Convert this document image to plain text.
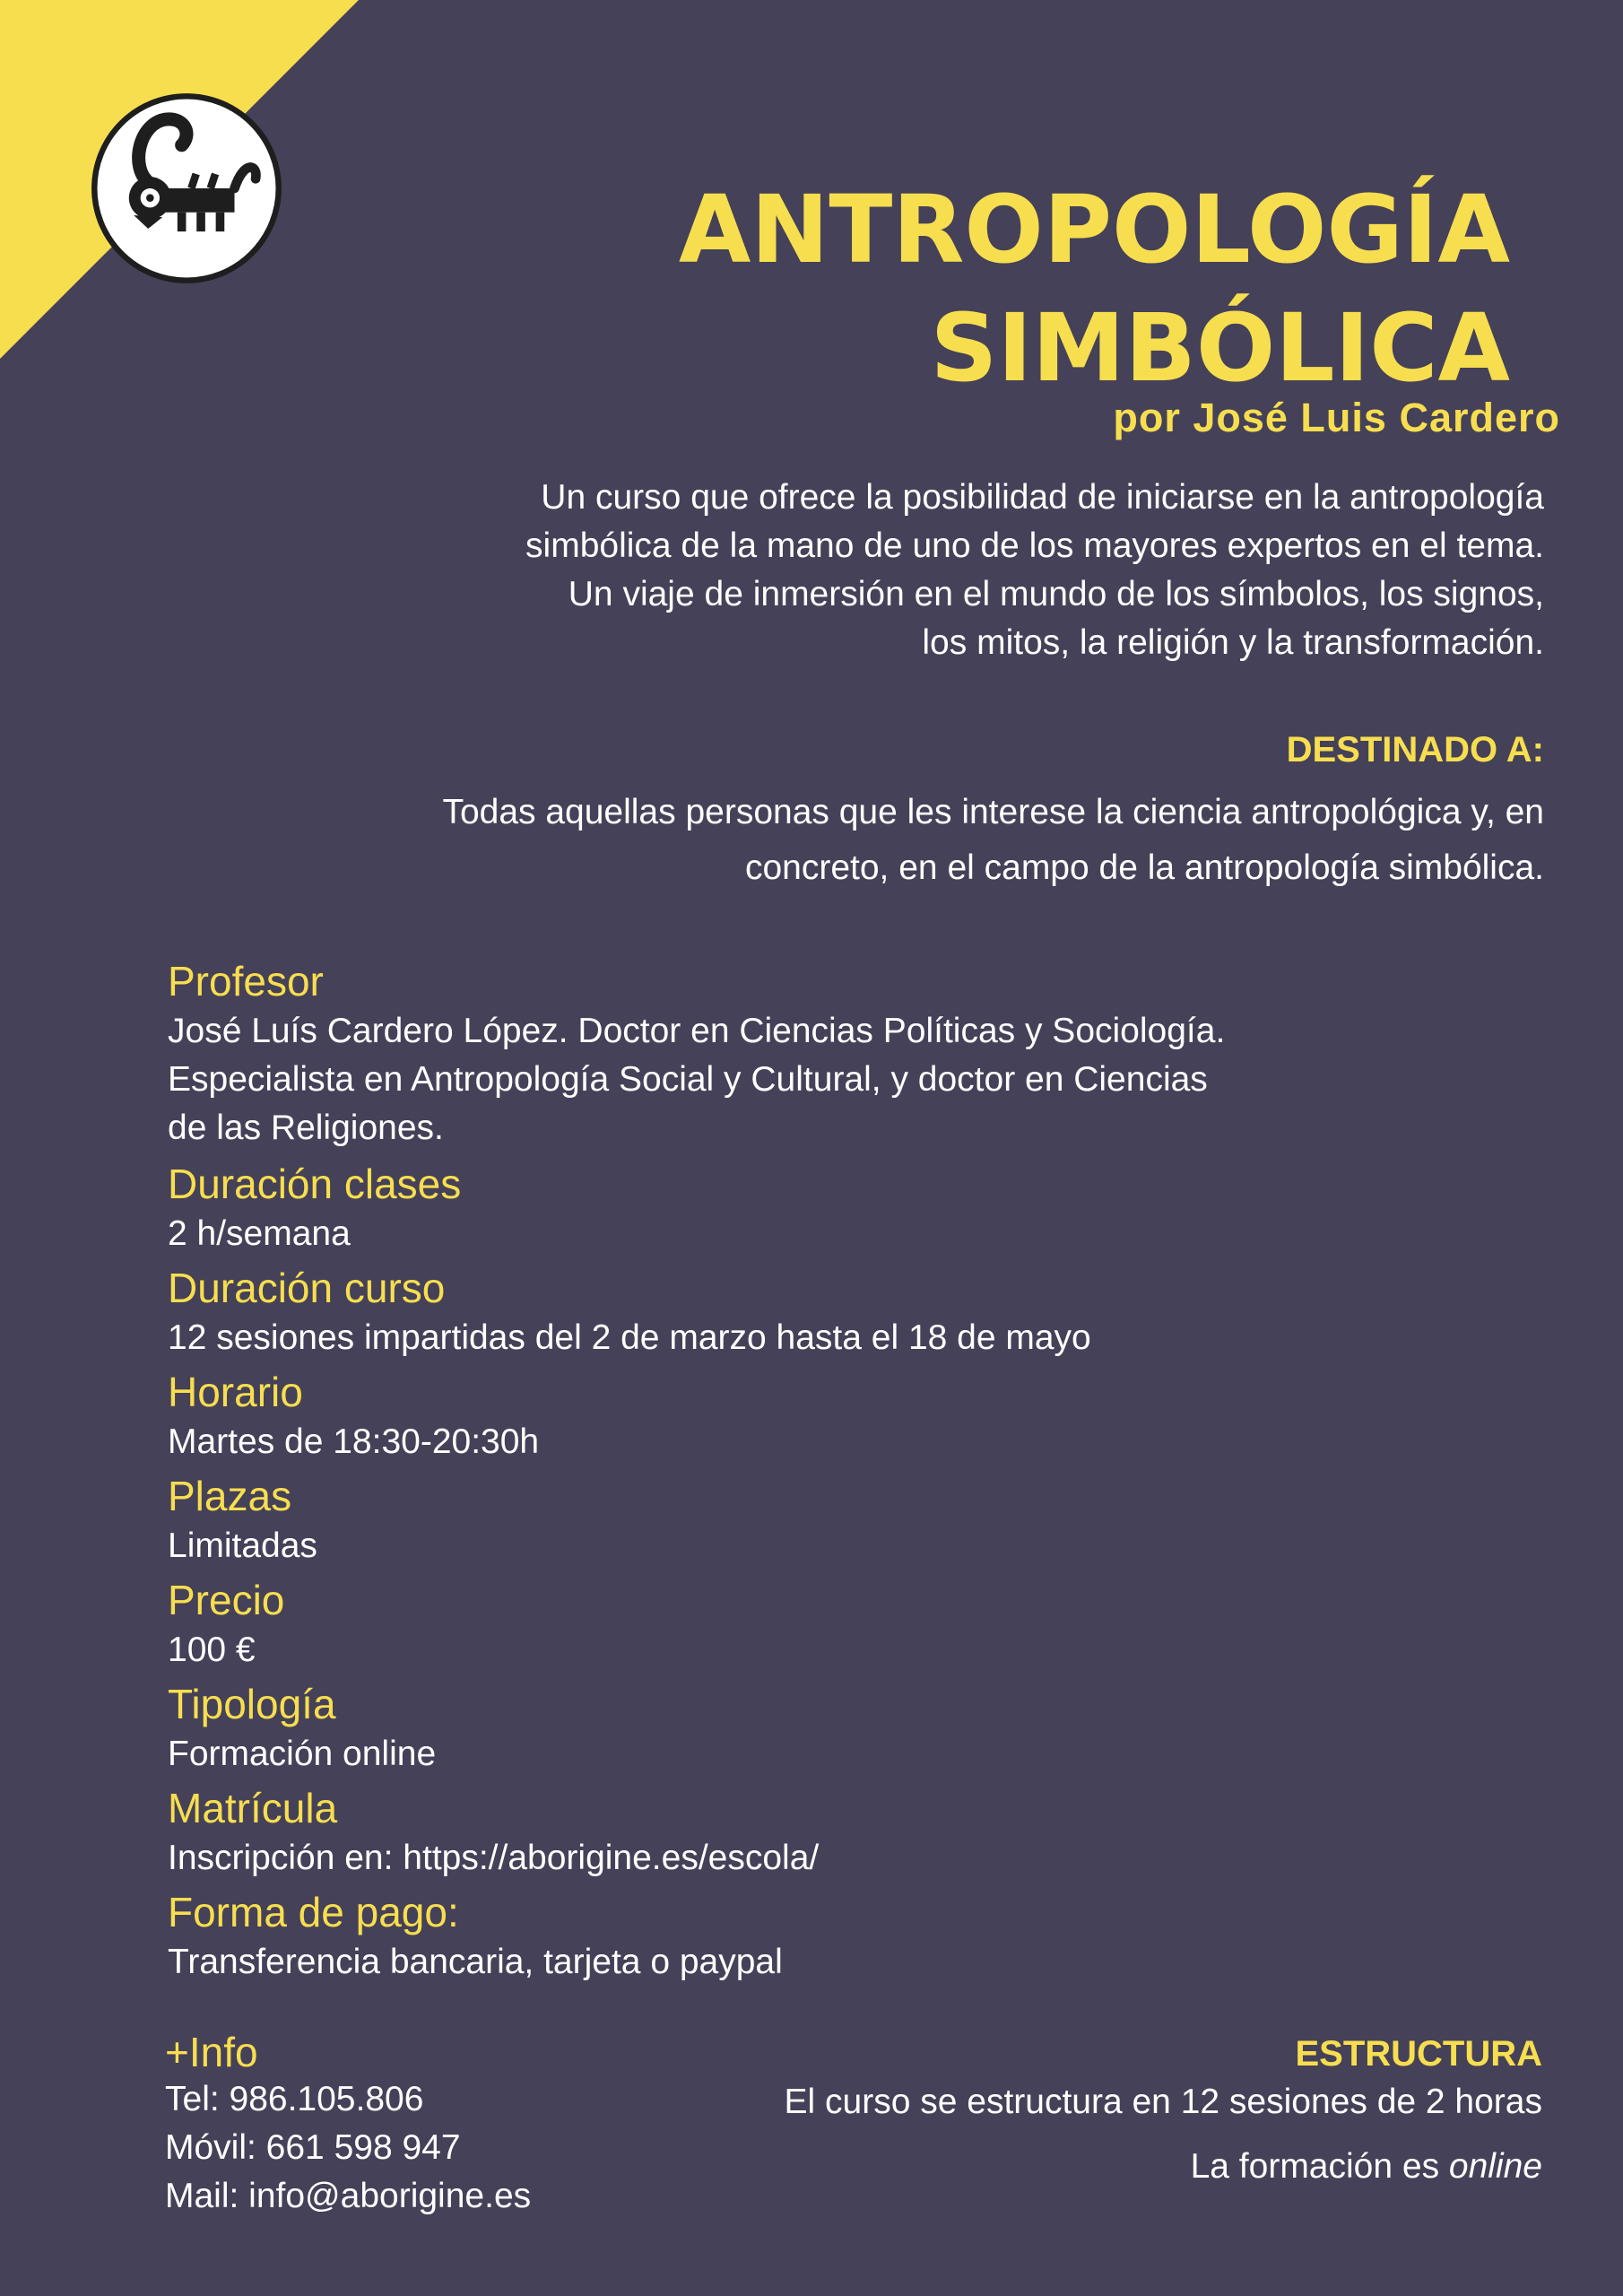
ANTROPOLOGÍA
SIMBÓLICA
por José Luis Cardero

Un curso que ofrece la posibilidad de iniciarse en la antropología
simbólica de la mano de uno de los mayores expertos en el tema.
Un viaje de inmersión en el mundo de los símbolos, los signos,
los mitos, la religión y la transformación.

DESTINADO A:

Todas aquellas personas que les interese la ciencia antropológica y, en
concreto, en el campo de la antropología simbólica.

Profesor

José Luís Cardero López. Doctor en Ciencias Políticas y Sociología.
Especialista en Antropología Social y Cultural, y doctor en Ciencias
de las Religiones.

Duración clases

2 h/semana

Duración curso

12 sesiones impartidas del 2 de marzo hasta el 18 de mayo

Horario

Martes de 18:30-20:30h

Plazas

Limitadas

Precio

100 €

Tipología

Formación online

Matrícula

Inscripción en: https://aborigine.es/escola/

Forma de pago:

Transferencia bancaria, tarjeta o paypal

+Info
Tel: 986.105.806
Móvil: 661 598 947
Mail: info@aborigine.es
ESTRUCTURA
El curso se estructura en 12 sesiones de 2 horas
La formación es online
